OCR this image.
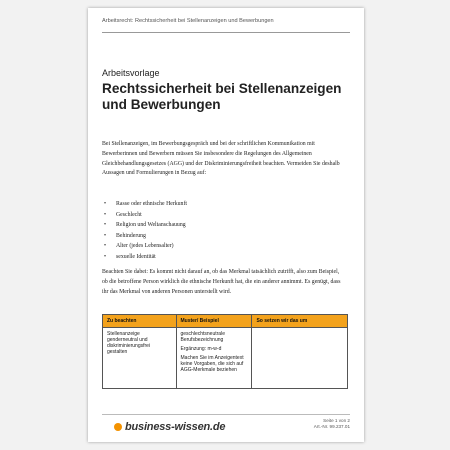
Arbeitsrecht: Rechtssicherheit bei Stellenanzeigen und Bewerbungen
Arbeitsvorlage
Rechtssicherheit bei Stellenanzeigen und Bewerbungen
Bei Stellenanzeigen, im Bewerbungsgespräch und bei der schriftlichen Kommunikation mit Bewerberinnen und Bewerbern müssen Sie insbesondere die Regelungen des Allgemeinen Gleichbehandlungsgesetzes (AGG) und der Diskriminierungsfreiheit beachten. Vermeiden Sie deshalb Aussagen und Formulierungen in Bezug auf:
• Rasse oder ethnische Herkunft
• Geschlecht
• Religion und Weltanschauung
• Behinderung
• Alter (jedes Lebensalter)
• sexuelle Identität
Beachten Sie dabei: Es kommt nicht darauf an, ob das Merkmal tatsächlich zutrifft, also zum Beispiel, ob die betroffene Person wirklich die ethnische Herkunft hat, die ein anderer annimmt. Es genügt, dass ihr das Merkmal von anderen Personen unterstellt wird.
Zu beachten	Muster/ Beispiel	So setzen wir das um
Stellenanzeige genderneutral und diskriminierungsfrei gestalten	geschlechtsneutrale Berufsbezeichnung

Ergänzung: m-w-d

Machen Sie im Anzeigentext keine Vorgaben, die sich auf AGG-Merkmale beziehen	

business-wissen.de
Seite 1 von 2
Art.-Nr. 99.237.01
